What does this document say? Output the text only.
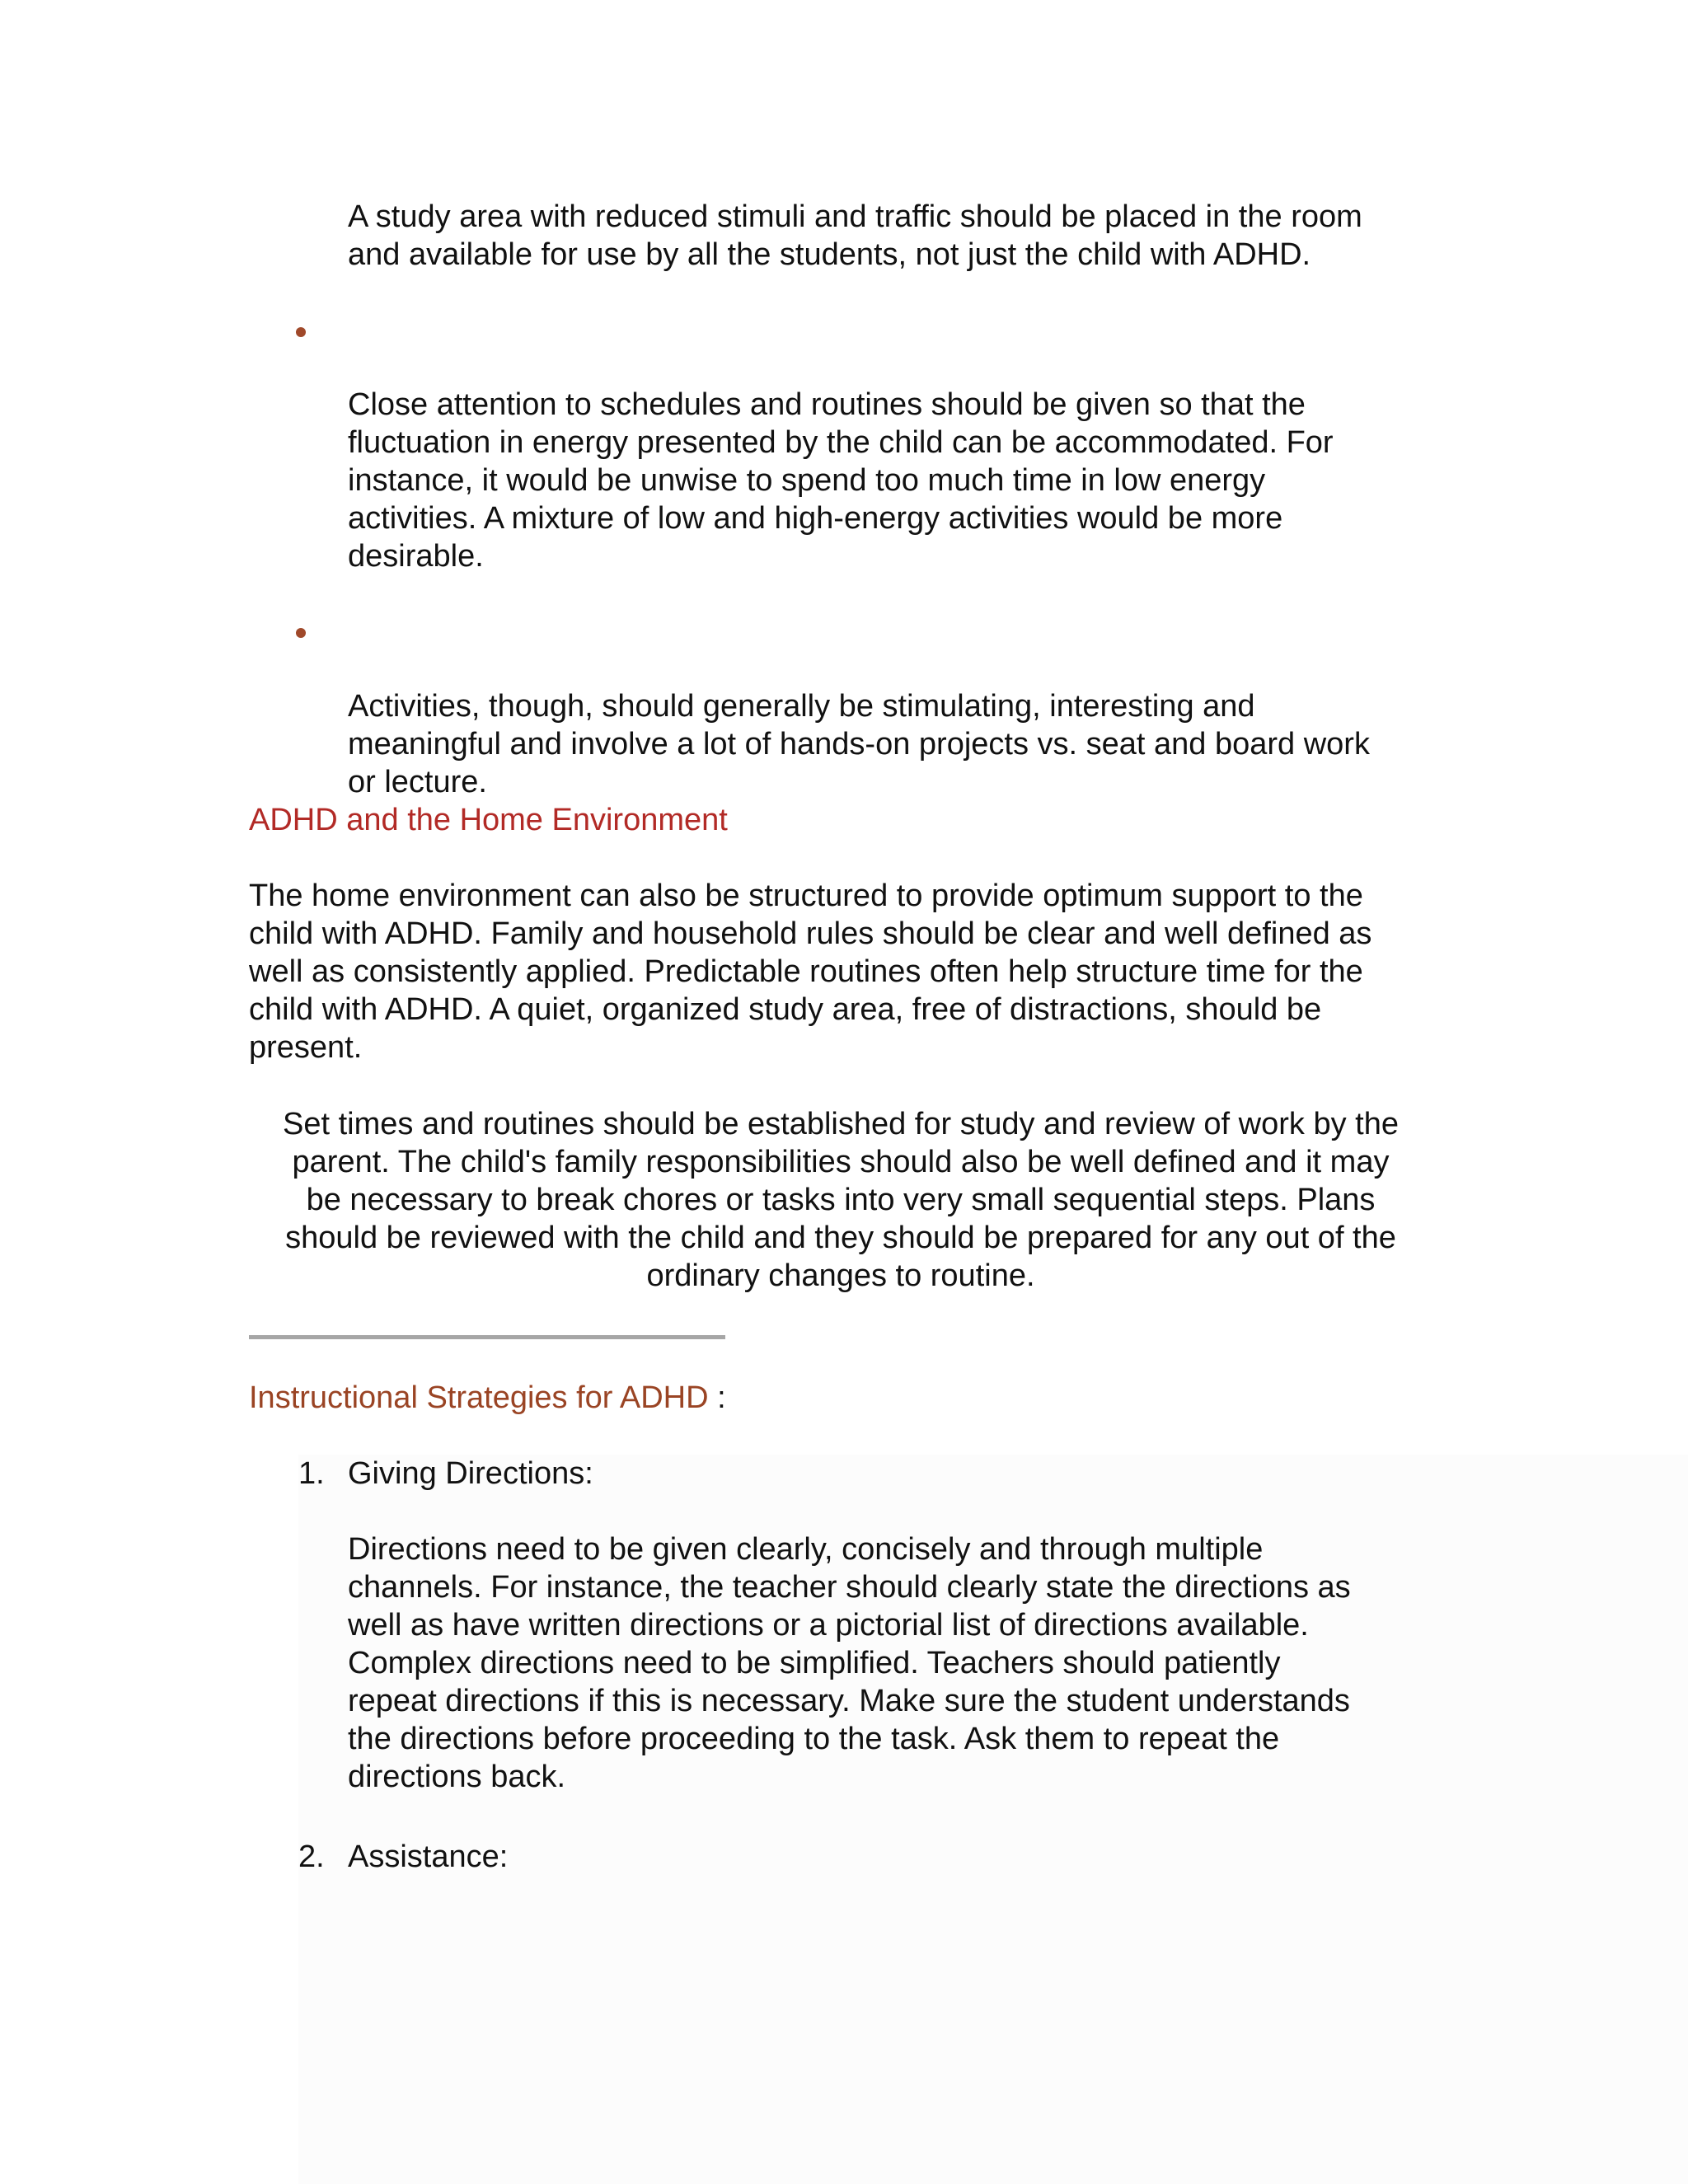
A study area with reduced stimuli and traffic should be placed in the room
and available for use by all the students, not just the child with ADHD.
Close attention to schedules and routines should be given so that the
fluctuation in energy presented by the child can be accommodated. For
instance, it would be unwise to spend too much time in low energy
activities. A mixture of low and high-energy activities would be more
desirable.
Activities, though, should generally be stimulating, interesting and
meaningful and involve a lot of hands-on projects vs. seat and board work
or lecture.
ADHD and the Home Environment
The home environment can also be structured to provide optimum support to the
child with ADHD. Family and household rules should be clear and well defined as
well as consistently applied. Predictable routines often help structure time for the
child with ADHD. A quiet, organized study area, free of distractions, should be
present.
Set times and routines should be established for study and review of work by the
parent. The child's family responsibilities should also be well defined and it may
be necessary to break chores or tasks into very small sequential steps. Plans
should be reviewed with the child and they should be prepared for any out of the
ordinary changes to routine.
Instructional Strategies for ADHD :
1. Giving Directions:
Directions need to be given clearly, concisely and through multiple
channels. For instance, the teacher should clearly state the directions as
well as have written directions or a pictorial list of directions available.
Complex directions need to be simplified. Teachers should patiently
repeat directions if this is necessary. Make sure the student understands
the directions before proceeding to the task. Ask them to repeat the
directions back.
2. Assistance:
